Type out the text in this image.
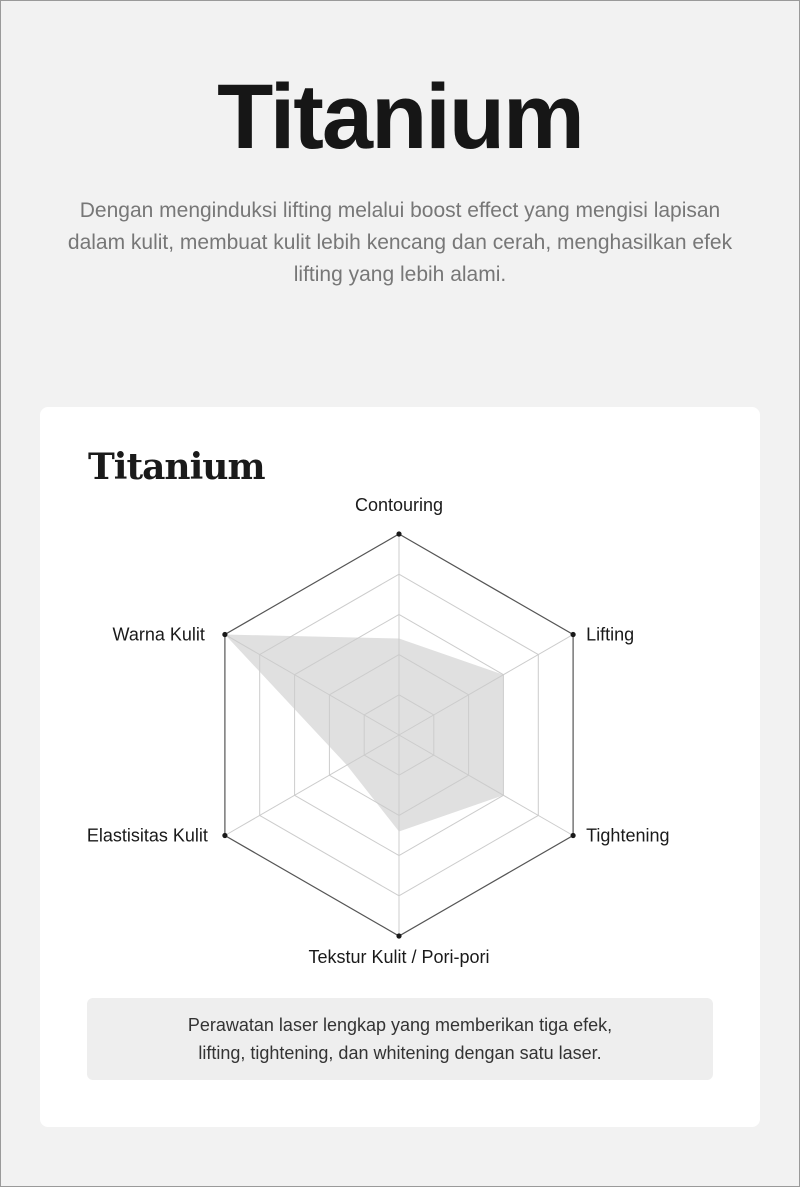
Titanium

Dengan menginduksi lifting melalui boost effect yang mengisi lapisan dalam kulit, membuat kulit lebih kencang dan cerah, menghasilkan efek lifting yang lebih alami.

Titanium
Contouring
Lifting
Tightening
Tekstur Kulit / Pori-pori
Elastisitas Kulit
Warna Kulit
Perawatan laser lengkap yang memberikan tiga efek,
lifting, tightening, dan whitening dengan satu laser.
